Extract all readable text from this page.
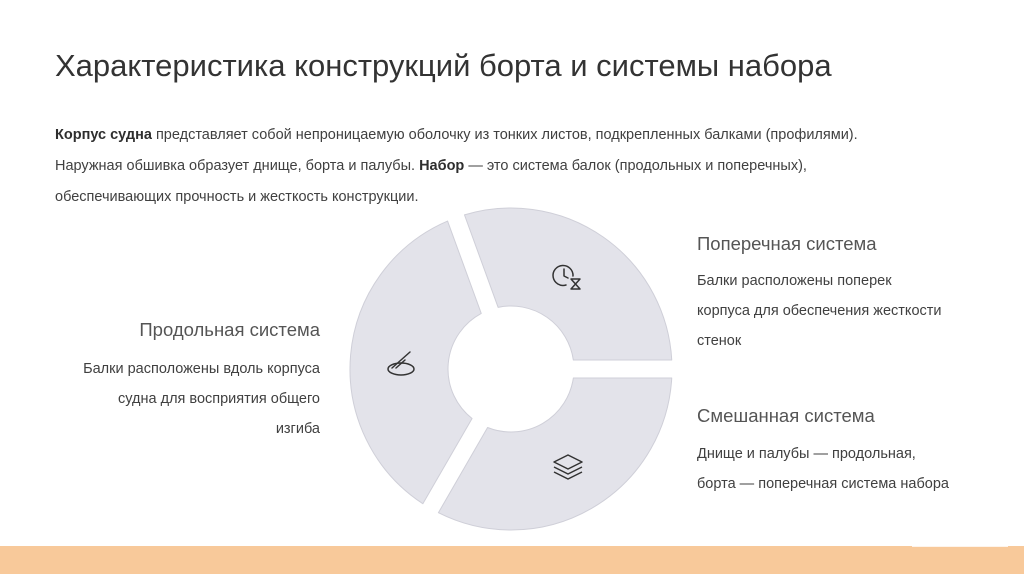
Характеристика конструкций борта и системы набора
Корпус судна представляет собой непроницаемую оболочку из тонких листов, подкрепленных балками (профилями).
Наружная обшивка образует днище, борта и палубы. Набор — это система балок (продольных и поперечных),
обеспечивающих прочность и жесткость конструкции.
Продольная система
Балки расположены вдоль корпуса
судна для восприятия общего
изгиба
Поперечная система
Балки расположены поперек
корпуса для обеспечения жесткости
стенок
Смешанная система
Днище и палубы — продольная,
борта — поперечная система набора
